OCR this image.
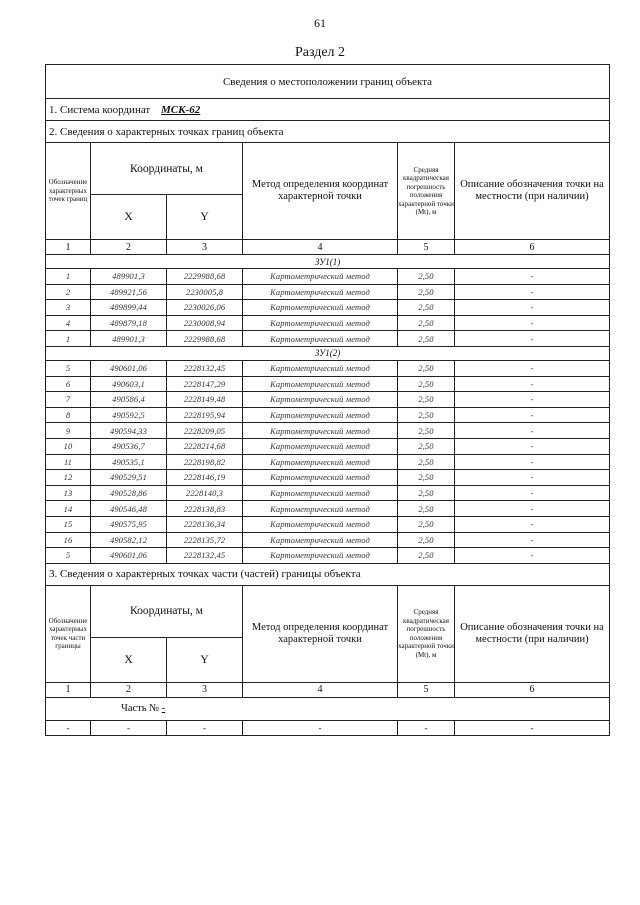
61
Раздел 2
Сведения о местоположении границ объекта					
1. Система координат МСК-62					
2. Сведения о характерных точках границ объекта					
Обозначение характерных точек границ	Координаты, м		Метод определения координат характерной точки	Средняя квадратическая погрешность положения характерной точки (Mt), м	Описание обозначения точки на местности (при наличии)
	X	Y			
1	2	3	4	5	6
ЗУ1(1)					
1	489901,3	2229988,68	Картометрический метод	2,50	-
2	489921,56	2230005,8	Картометрический метод	2,50	-
3	489899,44	2230026,06	Картометрический метод	2,50	-
4	489879,18	2230008,94	Картометрический метод	2,50	-
1	489901,3	2229988,68	Картометрический метод	2,50	-
ЗУ1(2)					
5	490601,06	2228132,45	Картометрический метод	2,50	-
6	490603,1	2228147,29	Картометрический метод	2,50	-
7	490586,4	2228149,48	Картометрический метод	2,50	-
8	490592,5	2228195,94	Картометрический метод	2,50	-
9	490594,33	2228209,05	Картометрический метод	2,50	-
10	490536,7	2228214,68	Картометрический метод	2,50	-
11	490535,1	2228198,82	Картометрический метод	2,50	-
12	490529,51	2228146,19	Картометрический метод	2,50	-
13	490528,86	2228140,3	Картометрический метод	2,50	-
14	490546,48	2228138,83	Картометрический метод	2,50	-
15	490575,95	2228136,34	Картометрический метод	2,50	-
16	490582,12	2228135,72	Картометрический метод	2,50	-
5	490601,06	2228132,45	Картометрический метод	2,50	-
3. Сведения о характерных точках части (частей) границы объекта					
Обозначение характерных точек части границы	Координаты, м		Метод определения координат характерной точки	Средняя квадратическая погрешность положения характерной точки (Mt), м	Описание обозначения точки на местности (при наличии)
	X	Y			
1	2	3	4	5	6
Часть № -					
-	-	-	-	-	-
